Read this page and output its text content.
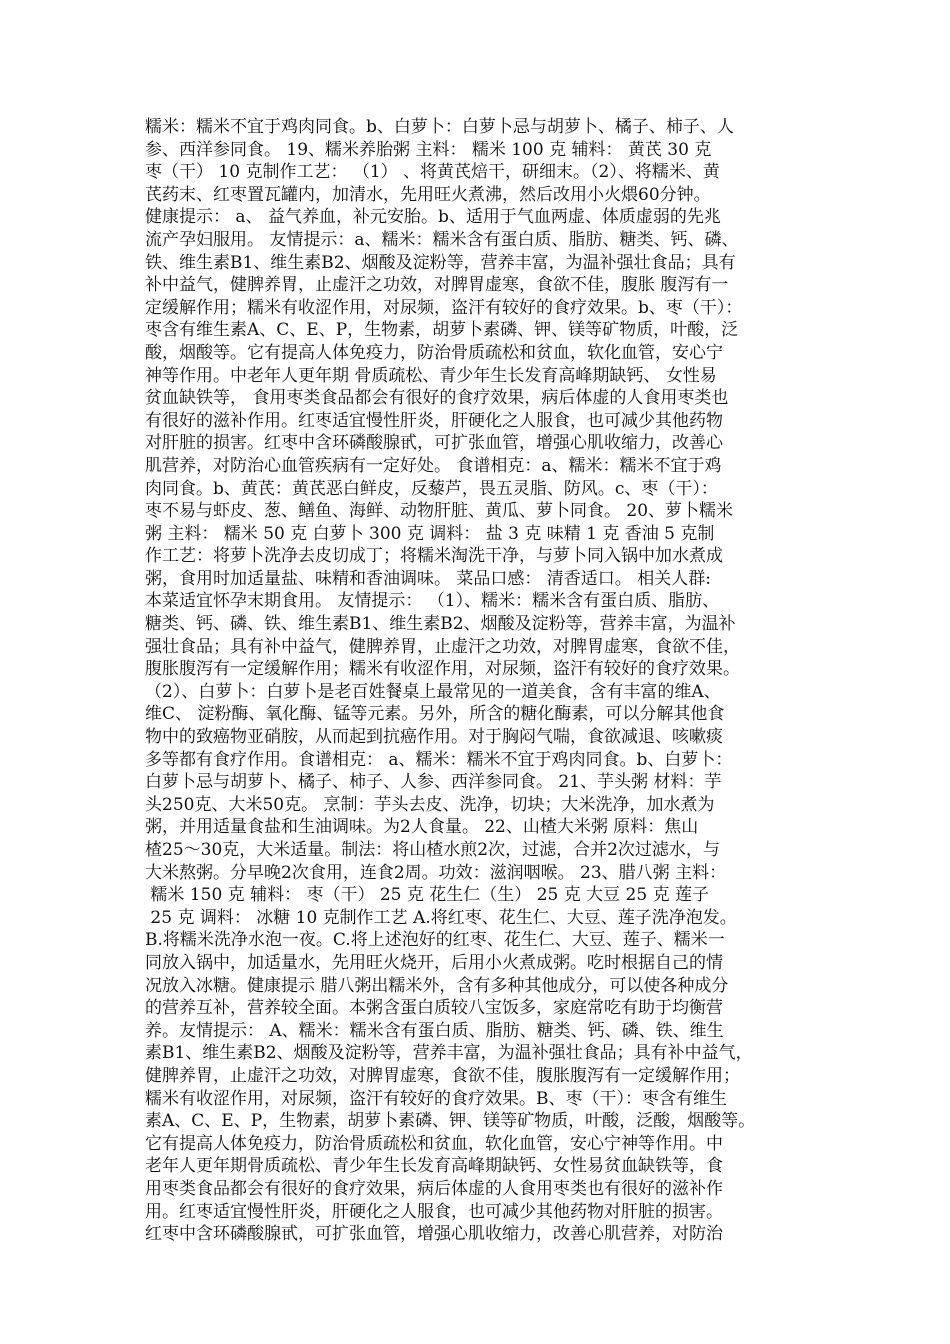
糯米：糯米不宜于鸡肉同食。b、白萝卜：白萝卜忌与胡萝卜、橘子、柿子、人
参、西洋参同食。 19、糯米养胎粥 主料： 糯米 100 克 辅料： 黄芪 30 克
枣（干） 10 克制作工艺： （1） 、将黄芪焙干，研细末。（2）、将糯米、黄
芪药末、红枣置瓦罐内，加清水，先用旺火煮沸，然后改用小火煨60分钟。
健康提示： a、 益气养血，补元安胎。b、适用于气血两虚、体质虚弱的先兆
流产孕妇服用。 友情提示：a、糯米：糯米含有蛋白质、脂肪、糖类、钙、磷、
铁、维生素B1、维生素B2、烟酸及淀粉等，营养丰富，为温补强壮食品；具有
补中益气，健脾养胃，止虚汗之功效，对脾胃虚寒，食欲不佳，腹胀 腹泻有一
定缓解作用；糯米有收涩作用，对尿频，盗汗有较好的食疗效果。b、枣（干）：
枣含有维生素A、C、E、P，生物素，胡萝卜素磷、钾、镁等矿物质，叶酸，泛
酸，烟酸等。它有提高人体免疫力，防治骨质疏松和贫血，软化血管，安心宁
神等作用。中老年人更年期 骨质疏松、青少年生长发育高峰期缺钙、 女性易
贫血缺铁等， 食用枣类食品都会有很好的食疗效果，病后体虚的人食用枣类也
有很好的滋补作用。红枣适宜慢性肝炎，肝硬化之人服食，也可减少其他药物
对肝脏的损害。红枣中含环磷酸腺甙，可扩张血管，增强心肌收缩力，改善心
肌营养，对防治心血管疾病有一定好处。 食谱相克：a、糯米：糯米不宜于鸡
肉同食。b、黄芪：黄芪恶白鲜皮，反藜芦，畏五灵脂、防风。c、枣（干）：
枣不易与虾皮、葱、鳝鱼、海鲜、动物肝脏、黄瓜、萝卜同食。 20、萝卜糯米
粥 主料： 糯米 50 克 白萝卜 300 克 调料： 盐 3 克 味精 1 克 香油 5 克制
作工艺：将萝卜洗净去皮切成丁；将糯米淘洗干净，与萝卜同入锅中加水煮成
粥，食用时加适量盐、味精和香油调味。 菜品口感： 清香适口。 相关人群:
本菜适宜怀孕末期食用。 友情提示： （1）、糯米：糯米含有蛋白质、脂肪、
糖类、钙、磷、铁、维生素B1、维生素B2、烟酸及淀粉等，营养丰富，为温补
强壮食品；具有补中益气，健脾养胃，止虚汗之功效，对脾胃虚寒，食欲不佳，
腹胀腹泻有一定缓解作用；糯米有收涩作用，对尿频，盗汗有较好的食疗效果。
（2）、白萝卜：白萝卜是老百姓餐桌上最常见的一道美食，含有丰富的维A、
维C、 淀粉酶、氧化酶、锰等元素。另外，所含的糖化酶素，可以分解其他食
物中的致癌物亚硝胺，从而起到抗癌作用。对于胸闷气喘，食欲减退、咳嗽痰
多等都有食疗作用。食谱相克： a、糯米：糯米不宜于鸡肉同食。b、白萝卜：
白萝卜忌与胡萝卜、橘子、柿子、人参、西洋参同食。 21、芋头粥 材料：芋
头250克、大米50克。 烹制：芋头去皮、洗净，切块；大米洗净，加水煮为
粥，并用适量食盐和生油调味。为2人食量。 22、山楂大米粥 原料：焦山
楂25～30克，大米适量。制法：将山楂水煎2次，过滤，合并2次过滤水，与
大米熬粥。分早晚2次食用，连食2周。功效：滋润咽喉。 23、腊八粥 主料：
糯米 150 克 辅料： 枣（干） 25 克 花生仁（生） 25 克 大豆 25 克 莲子
25 克 调料： 冰糖 10 克制作工艺 A.将红枣、花生仁、大豆、莲子洗净泡发。
B.将糯米洗净水泡一夜。C.将上述泡好的红枣、花生仁、大豆、莲子、糯米一
同放入锅中，加适量水，先用旺火烧开，后用小火煮成粥。吃时根据自己的情
况放入冰糖。健康提示 腊八粥出糯米外，含有多种其他成分，可以使各种成分
的营养互补，营养较全面。本粥含蛋白质较八宝饭多，家庭常吃有助于均衡营
养。友情提示： A、糯米：糯米含有蛋白质、脂肪、糖类、钙、磷、铁、维生
素B1、维生素B2、烟酸及淀粉等，营养丰富，为温补强壮食品；具有补中益气，
健脾养胃，止虚汗之功效，对脾胃虚寒，食欲不佳，腹胀腹泻有一定缓解作用；
糯米有收涩作用，对尿频，盗汗有较好的食疗效果。B、枣（干）：枣含有维生
素A、C、E、P，生物素，胡萝卜素磷、钾、镁等矿物质，叶酸，泛酸，烟酸等。
它有提高人体免疫力，防治骨质疏松和贫血，软化血管，安心宁神等作用。中
老年人更年期骨质疏松、青少年生长发育高峰期缺钙、女性易贫血缺铁等，食
用枣类食品都会有很好的食疗效果，病后体虚的人食用枣类也有很好的滋补作
用。红枣适宜慢性肝炎，肝硬化之人服食，也可减少其他药物对肝脏的损害。
红枣中含环磷酸腺甙，可扩张血管，增强心肌收缩力，改善心肌营养，对防治
